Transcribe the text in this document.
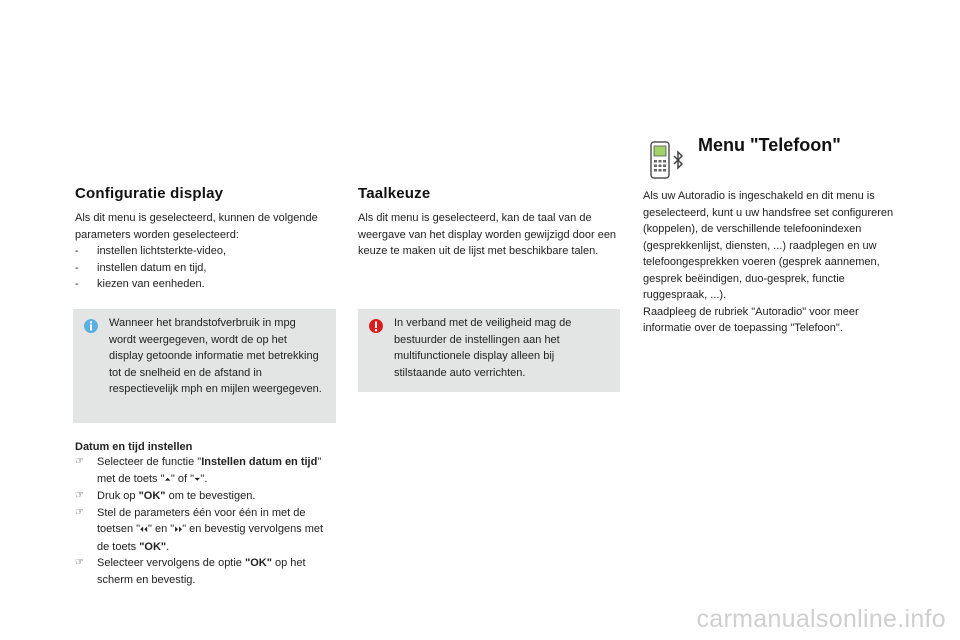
Configuratie display

Als dit menu is geselecteerd, kunnen de volgende parameters worden geselecteerd:

- instellen lichtsterkte-video,
- instellen datum en tijd,
- kiezen van eenheden.
Wanneer het brandstofverbruik in mpg wordt weergegeven, wordt de op het display getoonde informatie met betrekking tot de snelheid en de afstand in respectievelijk mph en mijlen weergegeven.

Datum en tijd instellen

☞ Selecteer de functie "Instellen datum en tijd" met de toets "⏶" of "⏷".
☞ Druk op "OK" om te bevestigen.
☞ Stel de parameters één voor één in met de toetsen "⏴⏴" en "⏵⏵" en bevestig vervolgens met de toets "OK".
☞ Selecteer vervolgens de optie "OK" op het scherm en bevestig.
Taalkeuze

Als dit menu is geselecteerd, kan de taal van de weergave van het display worden gewijzigd door een keuze te maken uit de lijst met beschikbare talen.

In verband met de veiligheid mag de bestuurder de instellingen aan het multifunctionele display alleen bij stilstaande auto verrichten.
Menu "Telefoon"

Als uw Autoradio is ingeschakeld en dit menu is geselecteerd, kunt u uw handsfree set configureren (koppelen), de verschillende telefoonindexen (gesprekkenlijst, diensten, ...) raadplegen en uw telefoongesprekken voeren (gesprek aannemen, gesprek beëindigen, duo-gesprek, functie ruggespraak, ...).
Raadpleeg de rubriek "Autoradio" voor meer informatie over de toepassing "Telefoon".

carmanualsonline.info
